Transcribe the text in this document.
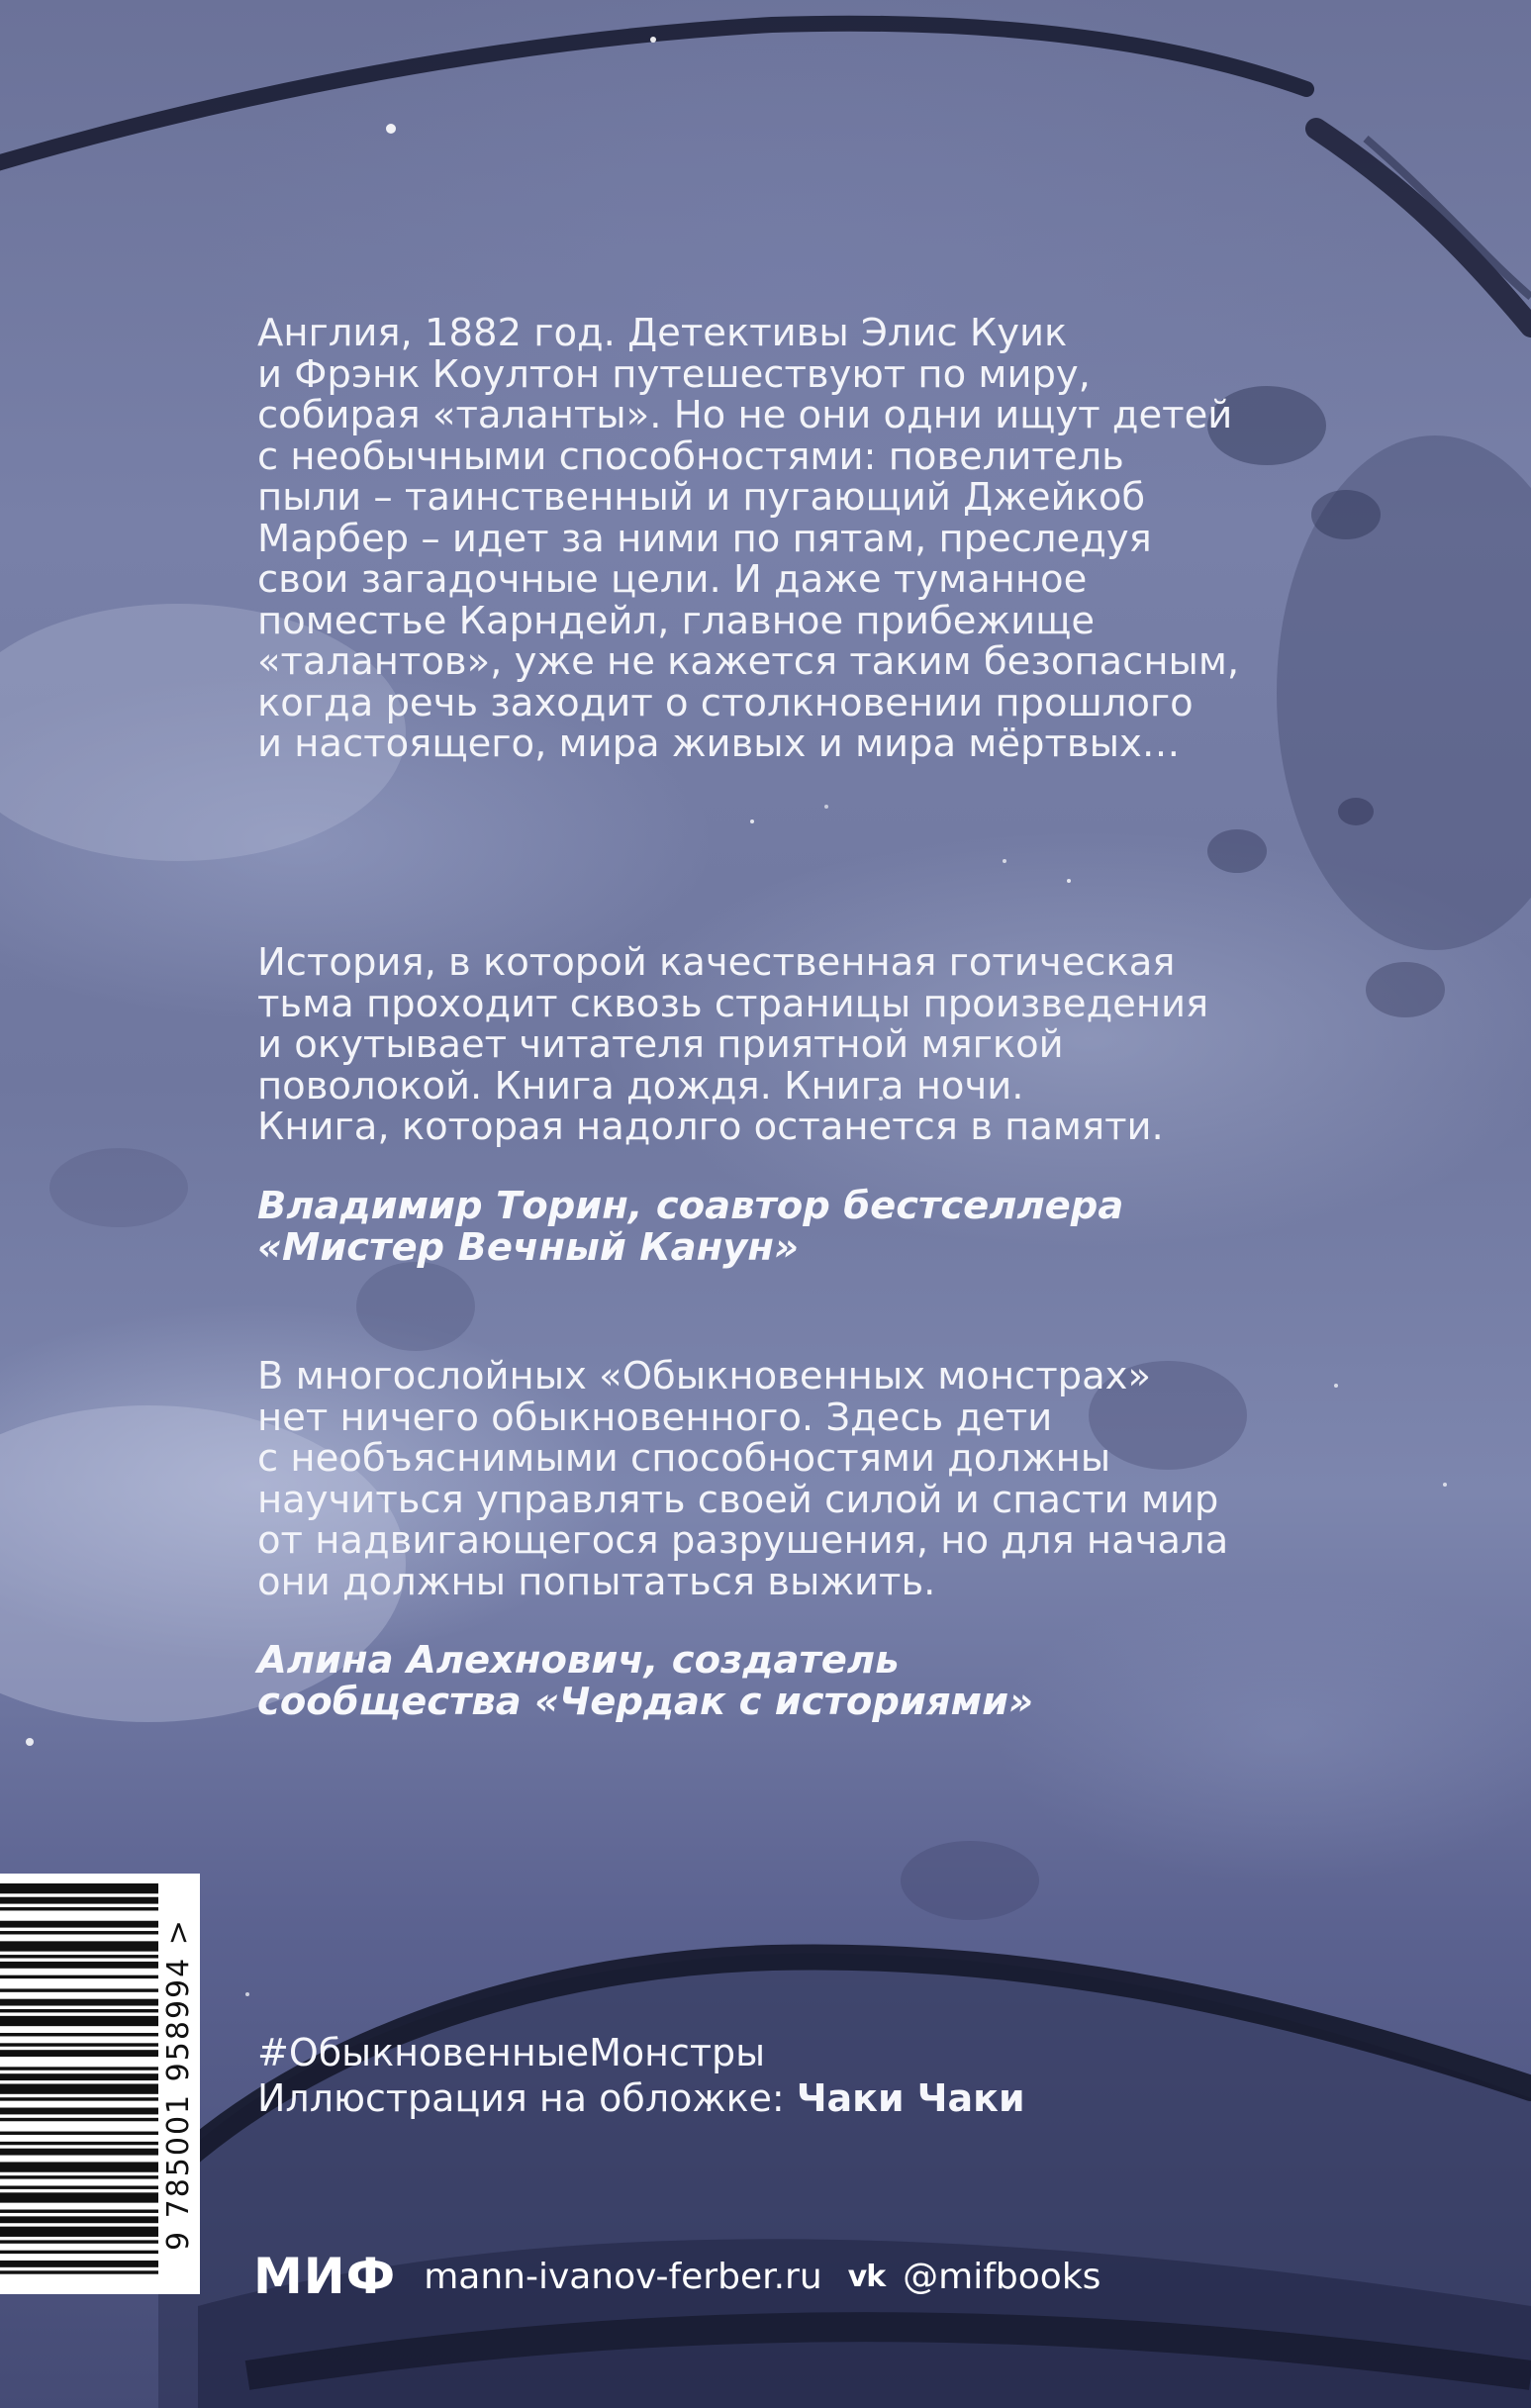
Англия, 1882 год. Детективы Элис Куик
и Фрэнк Коултон путешествуют по миру,
собирая «таланты». Но не они одни ищут детей
с необычными способностями: повелитель
пыли – таинственный и пугающий Джейкоб
Марбер – идет за ними по пятам, преследуя
свои загадочные цели. И даже туманное
поместье Карндейл, главное прибежище
«талантов», уже не кажется таким безопасным,
когда речь заходит о столкновении прошлого
и настоящего, мира живых и мира мёртвых…

История, в которой качественная готическая
тьма проходит сквозь страницы произведения
и окутывает читателя приятной мягкой
поволокой. Книга дождя. Книга ночи.
Книга, которая надолго останется в памяти.

Владимир Торин, соавтор бестселлера
«Мистер Вечный Канун»

В многослойных «Обыкновенных монстрах»
нет ничего обыкновенного. Здесь дети
с необъяснимыми способностями должны
научиться управлять своей силой и спасти мир
от надвигающегося разрушения, но для начала
они должны попытаться выжить.

Алина Алехнович, создатель
сообщества «Чердак с историями»
#ОбыкновенныеМонстры
Иллюстрация на обложке: Чаки Чаки
МИФ mann-ivanov-ferber.ru vk @mifbooks
9 785001 958994 >
